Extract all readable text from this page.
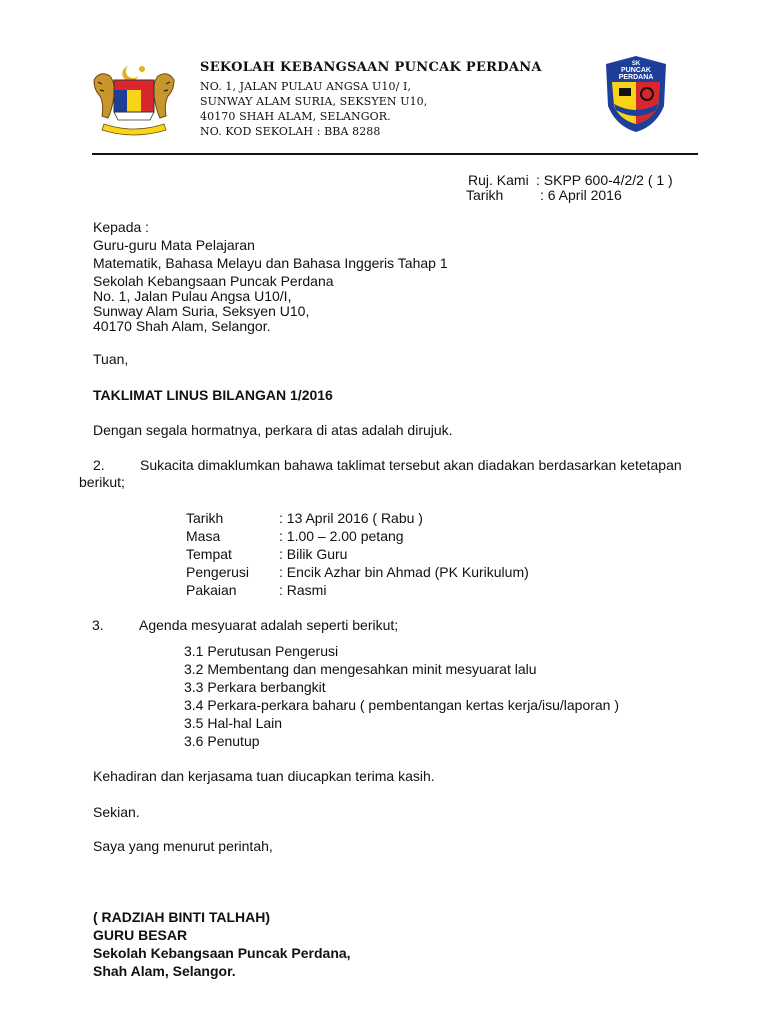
SEKOLAH KEBANGSAAN PUNCAK PERDANA
NO. 1, JALAN PULAU ANGSA U10/ I,
SUNWAY ALAM SURIA, SEKSYEN U10,
40170 SHAH ALAM, SELANGOR.
NO. KOD SEKOLAH : BBA 8288
SK
PUNCAK
PERDANA
Ruj. Kami : SKPP 600-4/2/2 ( 1 )
Tarikh	: 6 April 2016
Kepada :
Guru-guru Mata Pelajaran
Matematik, Bahasa Melayu dan Bahasa Inggeris Tahap 1
Sekolah Kebangsaan Puncak Perdana
No. 1, Jalan Pulau Angsa U10/I,
Sunway Alam Suria, Seksyen U10,
40170 Shah Alam, Selangor.
Tuan,
TAKLIMAT LINUS BILANGAN 1/2016
Dengan segala hormatnya, perkara di atas adalah dirujuk.
2.	Sukacita dimaklumkan bahawa taklimat tersebut akan diadakan berdasarkan ketetapan
berikut;
Tarikh	: 13 April 2016 ( Rabu )
Masa	: 1.00 – 2.00 petang
Tempat	: Bilik Guru
Pengerusi : Encik Azhar bin Ahmad (PK Kurikulum)
Pakaian	: Rasmi
3.	Agenda mesyuarat adalah seperti berikut;
3.1 Perutusan Pengerusi
3.2 Membentang dan mengesahkan minit mesyuarat lalu
3.3 Perkara berbangkit
3.4 Perkara-perkara baharu ( pembentangan kertas kerja/isu/laporan )
3.5 Hal-hal Lain
3.6 Penutup
Kehadiran dan kerjasama tuan diucapkan terima kasih.
Sekian.
Saya yang menurut perintah,
( RADZIAH BINTI TALHAH)
GURU BESAR
Sekolah Kebangsaan Puncak Perdana,
Shah Alam, Selangor.
